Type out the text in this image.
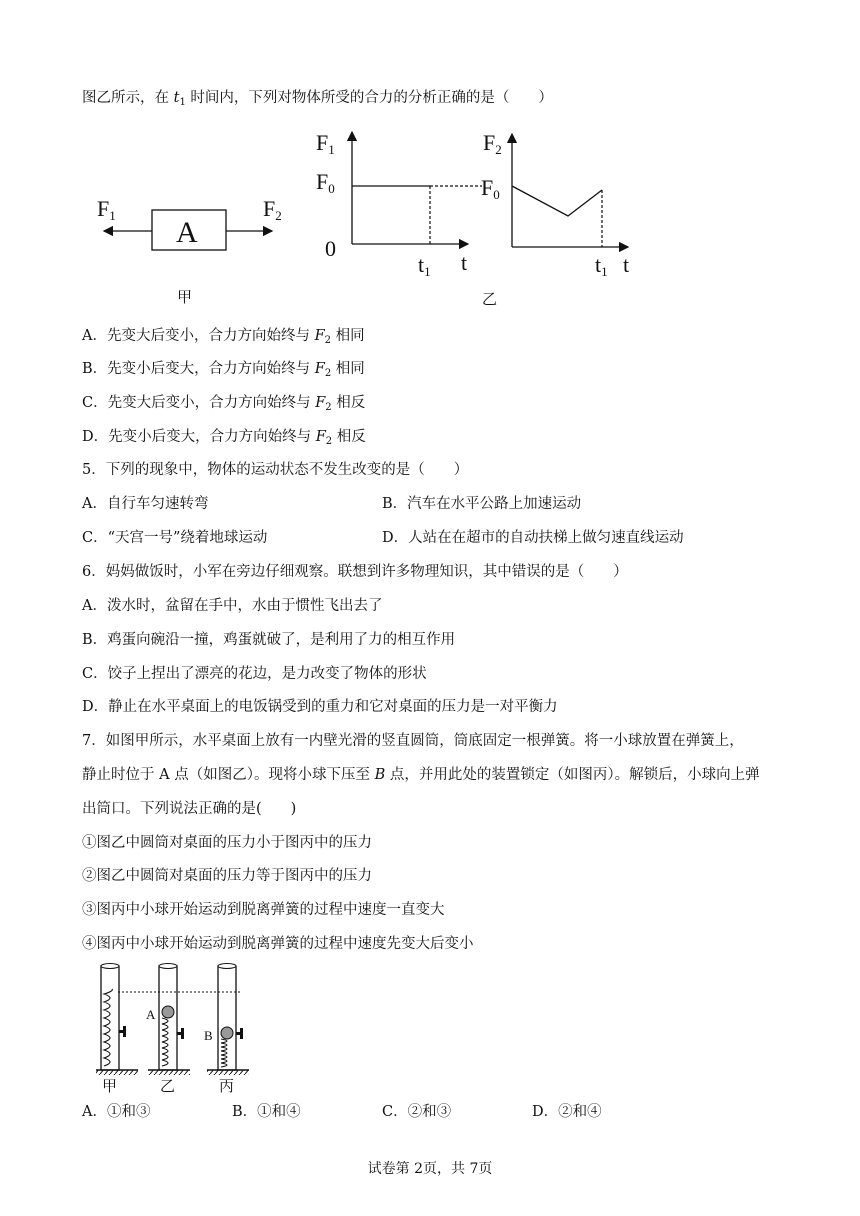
图乙所示，在 $t_1$ 时间内，下列对物体所受的合力的分析正确的是（　　）
A
F1	F2
甲
F1
F0
0
t1 t
乙
F2
F0
t1 t
A．先变大后变小，合力方向始终与 $F_2$ 相同
B．先变小后变大，合力方向始终与 $F_2$ 相同
C．先变大后变小，合力方向始终与 $F_2$ 相反
D．先变小后变大，合力方向始终与 $F_2$ 相反
5．下列的现象中，物体的运动状态不发生改变的是（　　）
A．自行车匀速转弯	B．汽车在水平公路上加速运动
C．“天宫一号”绕着地球运动	D．人站在在超市的自动扶梯上做匀速直线运动
6．妈妈做饭时，小军在旁边仔细观察。联想到许多物理知识，其中错误的是（　　）
A．泼水时，盆留在手中，水由于惯性飞出去了
B．鸡蛋向碗沿一撞，鸡蛋就破了，是利用了力的相互作用
C．饺子上捏出了漂亮的花边，是力改变了物体的形状
D．静止在水平桌面上的电饭锅受到的重力和它对桌面的压力是一对平衡力
7．如图甲所示，水平桌面上放有一内壁光滑的竖直圆筒，筒底固定一根弹簧。将一小球放置在弹簧上，
静止时位于 A 点（如图乙）。现将小球下压至 B 点，并用此处的装置锁定（如图丙）。解锁后，小球向上弹
出筒口。下列说法正确的是(　　)
①图乙中圆筒对桌面的压力小于图丙中的压力
②图乙中圆筒对桌面的压力等于图丙中的压力
③图丙中小球开始运动到脱离弹簧的过程中速度一直变大
④图丙中小球开始运动到脱离弹簧的过程中速度先变大后变小
A
B
甲	乙	丙
A．①和③	B．①和④	C．②和③	D．②和④
试卷第 2页，共 7页
